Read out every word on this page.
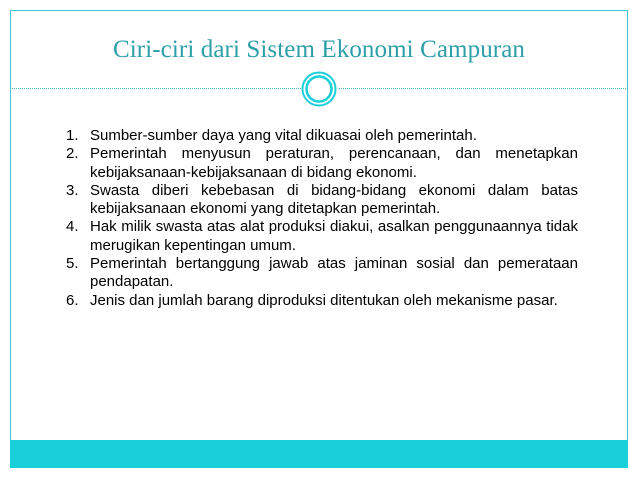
Ciri-ciri dari Sistem Ekonomi Campuran
1. Sumber-sumber daya yang vital dikuasai oleh pemerintah.
2. Pemerintah menyusun peraturan, perencanaan, dan menetapkan kebijaksanaan-kebijaksanaan di bidang ekonomi.
3. Swasta diberi kebebasan di bidang-bidang ekonomi dalam batas kebijaksanaan ekonomi yang ditetapkan pemerintah.
4. Hak milik swasta atas alat produksi diakui, asalkan penggunaannya tidak merugikan kepentingan umum.
5. Pemerintah bertanggung jawab atas jaminan sosial dan pemerataan pendapatan.
6. Jenis dan jumlah barang diproduksi ditentukan oleh mekanisme pasar.
